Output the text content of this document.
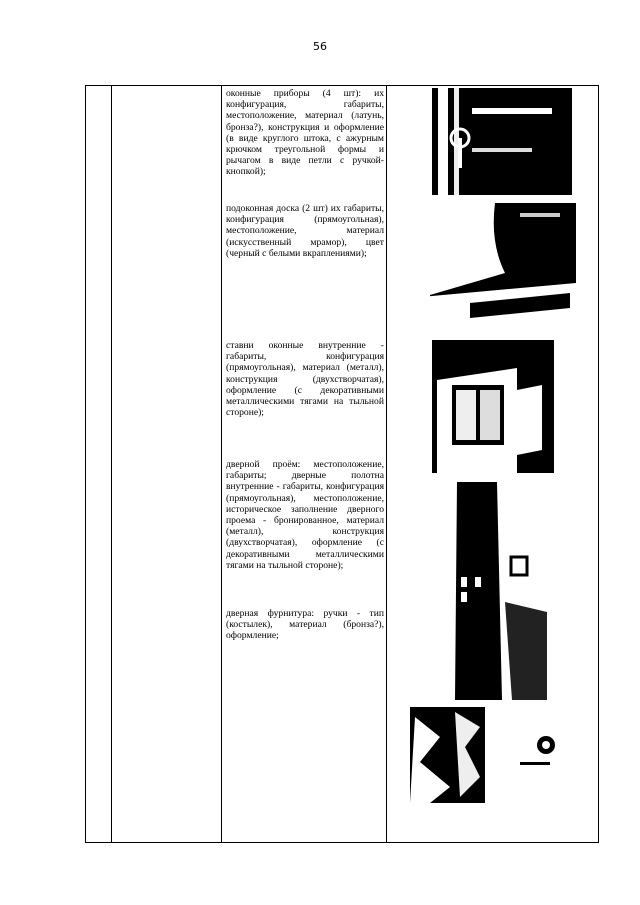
56
оконные приборы (4 шт): их конфигурация, габариты, местоположение, материал (латунь, бронза?), конструкция и оформление (в виде круглого штока, с ажурным крючком треугольной формы и рычагом в виде петли с ручкой- кнопкой);
подоконная доска (2 шт) их габариты, конфигурация (прямоугольная), местоположение, материал (искусственный мрамор), цвет (черный с белыми вкраплениями);
ставни оконные внутренние - габариты, конфигурация (прямоугольная), материал (металл), конструкция (двухстворчатая), оформление (с декоративными металлическими тягами на тыльной стороне);
дверной проём: местоположение, габариты; дверные полотна внутренние - габариты, конфигурация (прямоугольная), местоположение, историческое заполнение дверного проема - бронированное, материал (металл), конструкция (двухстворчатая), оформление (с декоративными металлическими тягами на тыльной стороне);
дверная фурнитура: ручки - тип (костылек), материал (бронза?), оформление;
